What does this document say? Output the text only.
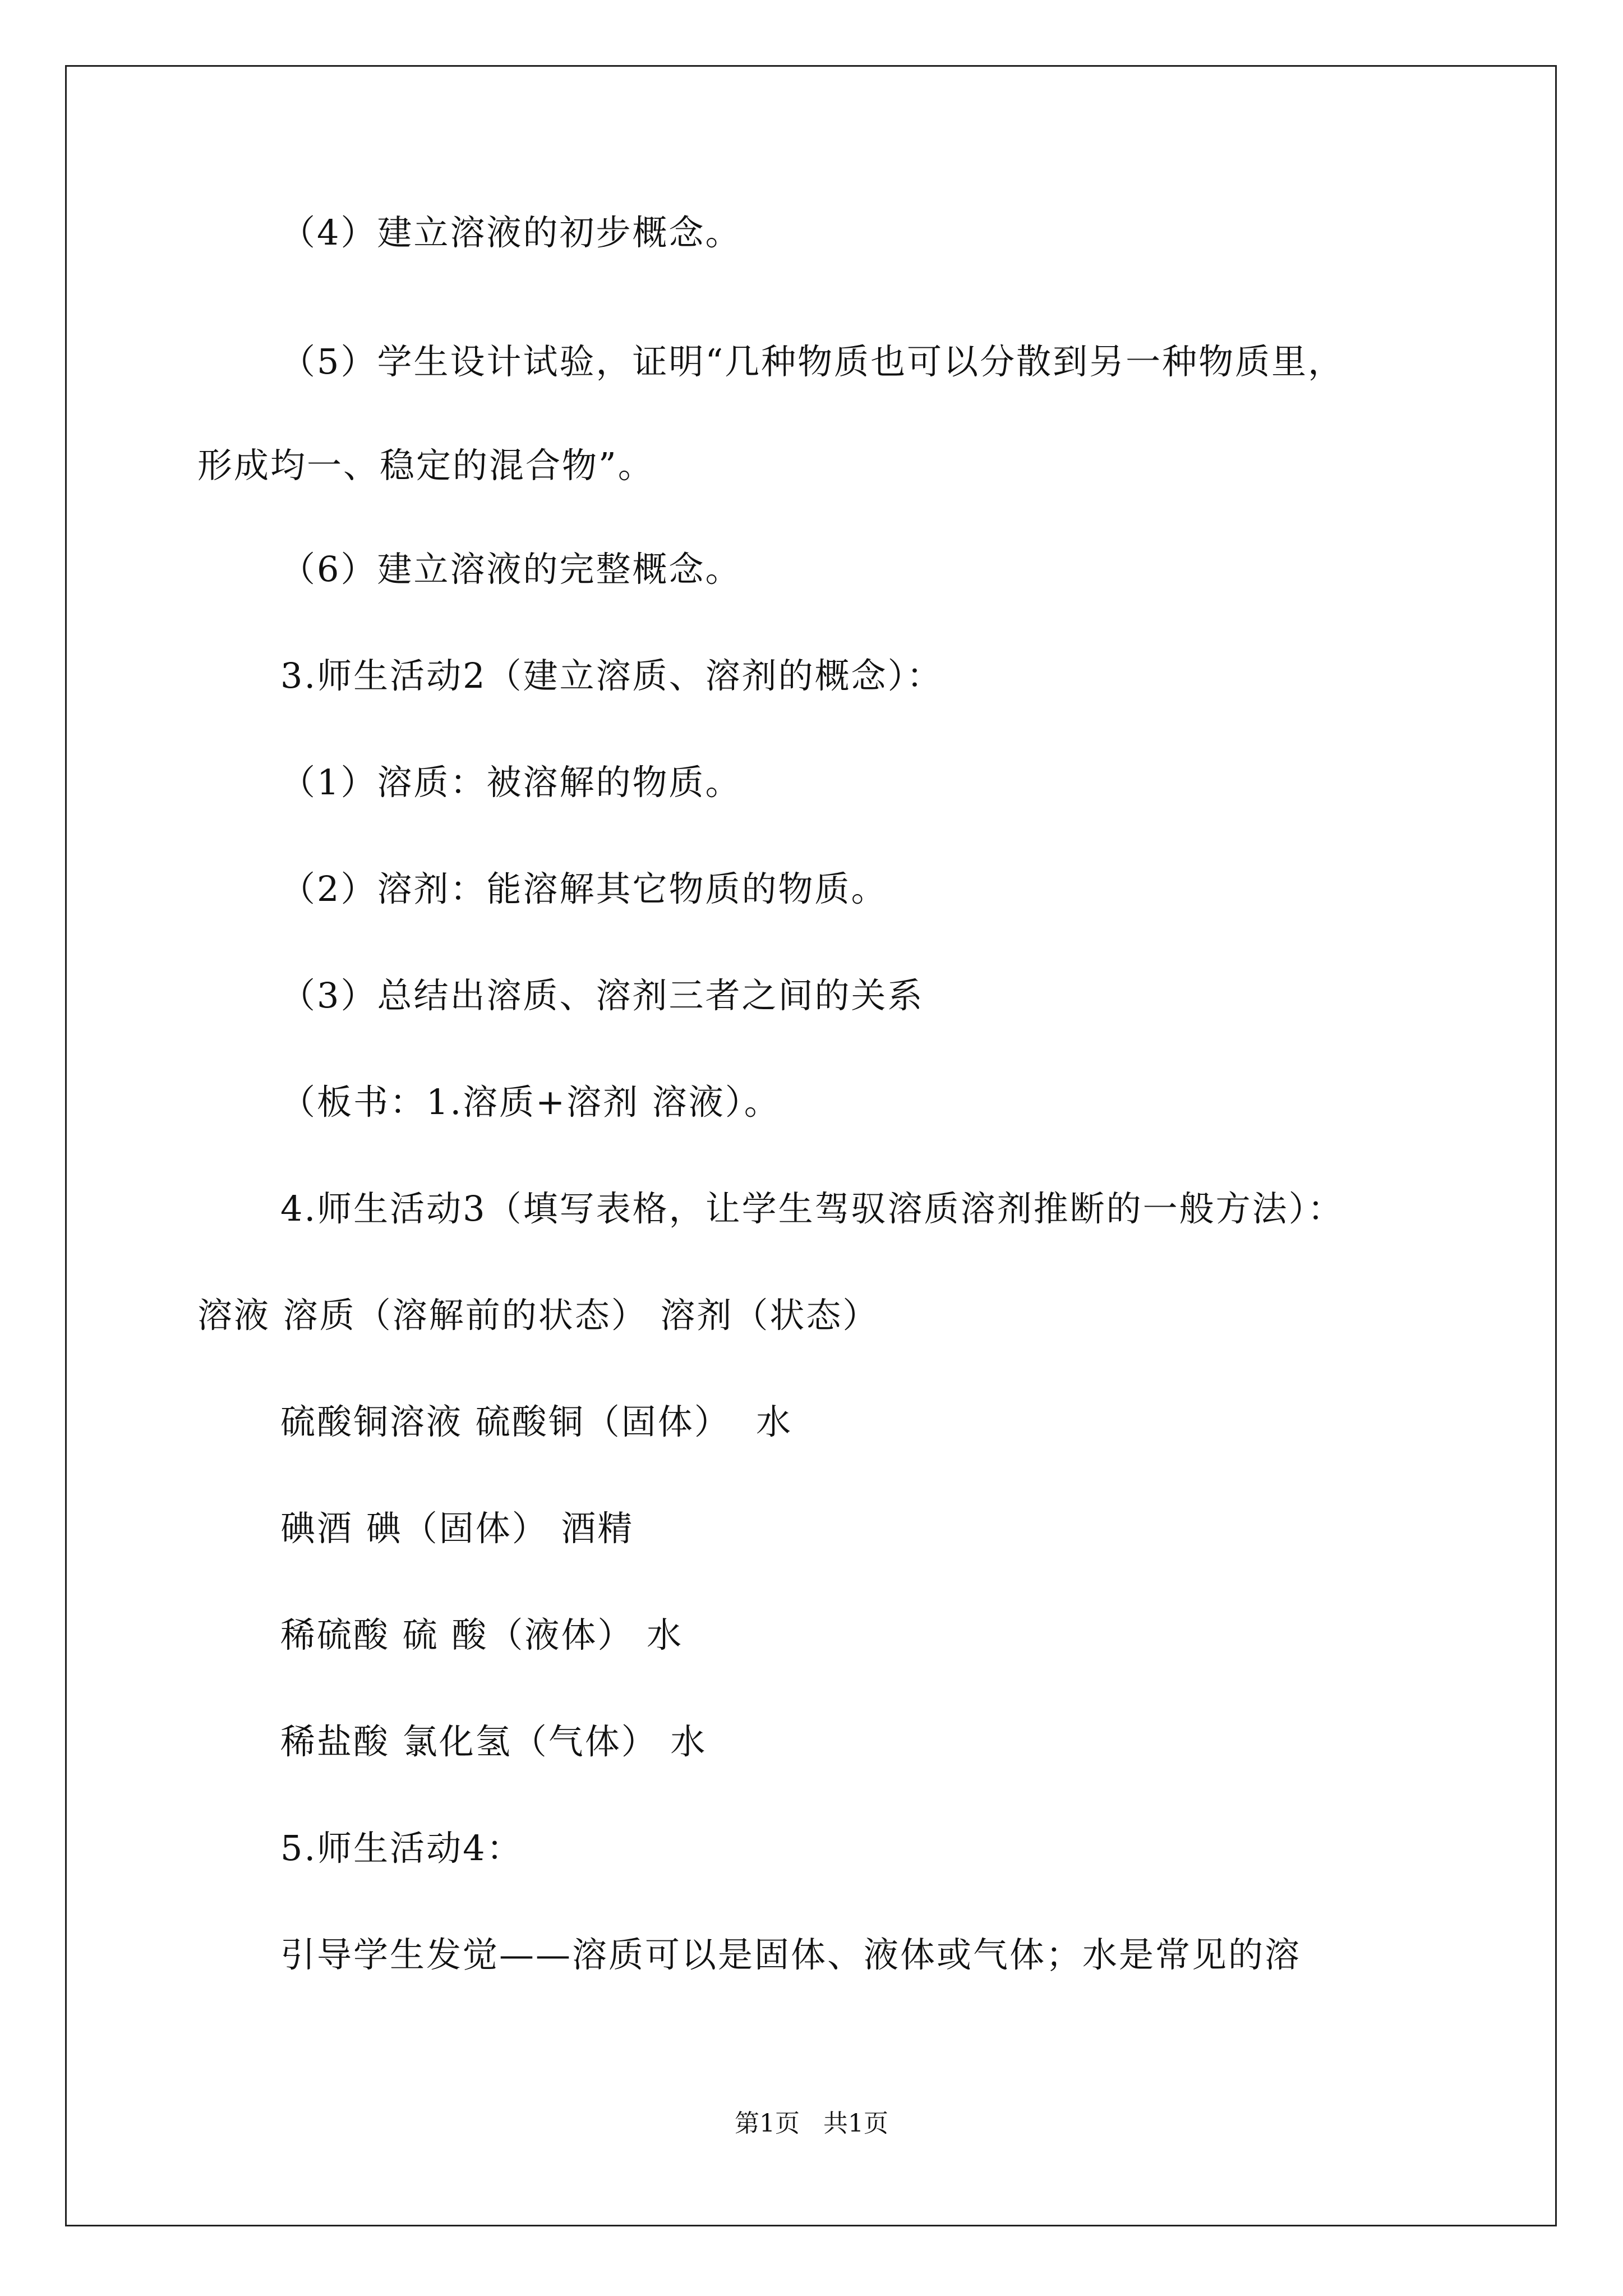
（4）建立溶液的初步概念。
（5）学生设计试验，证明“几种物质也可以分散到另一种物质里，
形成均一、稳定的混合物”。
（6）建立溶液的完整概念。
3.师生活动2（建立溶质、溶剂的概念）：
（1）溶质：被溶解的物质。
（2）溶剂：能溶解其它物质的物质。
（3）总结出溶质、溶剂三者之间的关系
（板书：1.溶质+溶剂 溶液）。
4.师生活动3（填写表格，让学生驾驭溶质溶剂推断的一般方法）：
溶液 溶质（溶解前的状态） 溶剂（状态）
硫酸铜溶液 硫酸铜（固体）  水
碘酒 碘（固体） 酒精
稀硫酸 硫 酸（液体） 水
稀盐酸 氯化氢（气体） 水
5.师生活动4：
引导学生发觉——溶质可以是固体、液体或气体；水是常见的溶
第1页   共1页
